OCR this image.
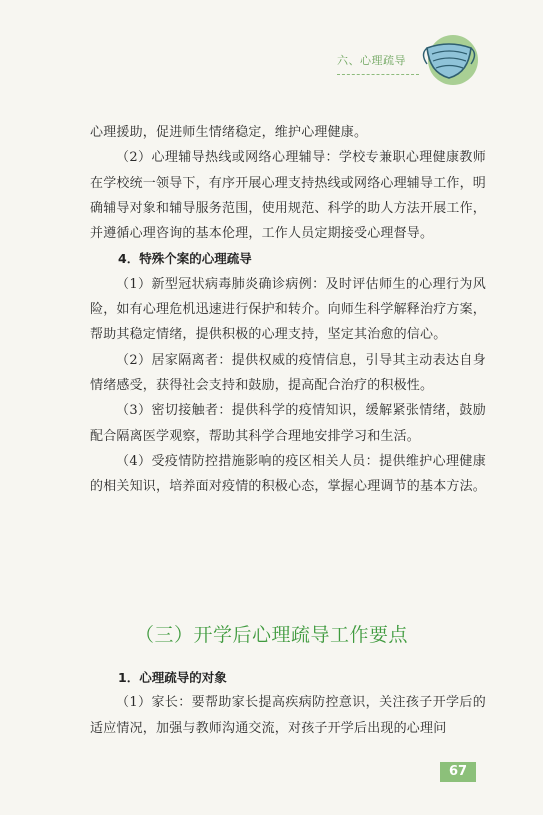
六、心理疏导

心理援助，促进师生情绪稳定，维护心理健康。

（2）心理辅导热线或网络心理辅导：学校专兼职心理健康教师在学校统一领导下，有序开展心理支持热线或网络心理辅导工作，明确辅导对象和辅导服务范围，使用规范、科学的助人方法开展工作，并遵循心理咨询的基本伦理，工作人员定期接受心理督导。

4．特殊个案的心理疏导

（1）新型冠状病毒肺炎确诊病例：及时评估师生的心理行为风险，如有心理危机迅速进行保护和转介。向师生科学解释治疗方案，帮助其稳定情绪，提供积极的心理支持，坚定其治愈的信心。

（2）居家隔离者：提供权威的疫情信息，引导其主动表达自身情绪感受，获得社会支持和鼓励，提高配合治疗的积极性。

（3）密切接触者：提供科学的疫情知识，缓解紧张情绪，鼓励配合隔离医学观察，帮助其科学合理地安排学习和生活。

（4）受疫情防控措施影响的疫区相关人员：提供维护心理健康的相关知识，培养面对疫情的积极心态，掌握心理调节的基本方法。

（三）开学后心理疏导工作要点

1．心理疏导的对象

（1）家长：要帮助家长提高疾病防控意识，关注孩子开学后的适应情况，加强与教师沟通交流，对孩子开学后出现的心理问

67
